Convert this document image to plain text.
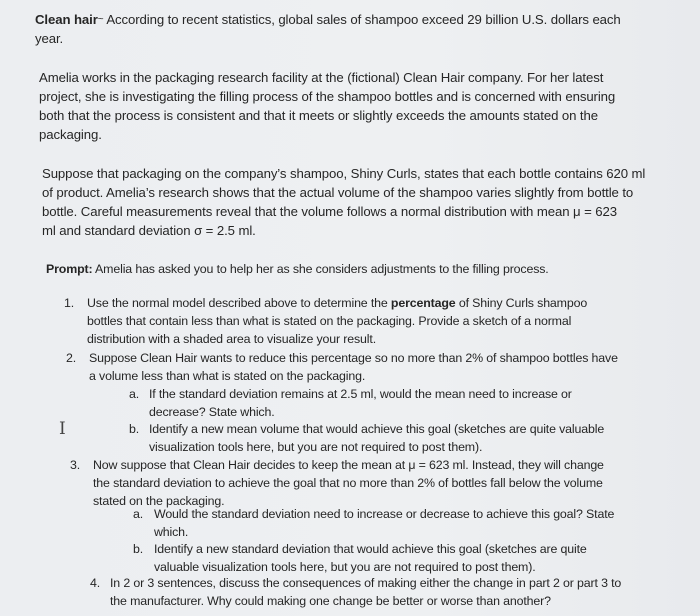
Clean hair~ According to recent statistics, global sales of shampoo exceed 29 billion U.S. dollars each
year.
Amelia works in the packaging research facility at the (fictional) Clean Hair company. For her latest
project, she is investigating the filling process of the shampoo bottles and is concerned with ensuring
both that the process is consistent and that it meets or slightly exceeds the amounts stated on the
packaging.
Suppose that packaging on the company’s shampoo, Shiny Curls, states that each bottle contains 620 ml
of product. Amelia’s research shows that the actual volume of the shampoo varies slightly from bottle to
bottle. Careful measurements reveal that the volume follows a normal distribution with mean μ = 623
ml and standard deviation σ = 2.5 ml.
Prompt: Amelia has asked you to help her as she considers adjustments to the filling process.
1. Use the normal model described above to determine the percentage of Shiny Curls shampoo
bottles that contain less than what is stated on the packaging. Provide a sketch of a normal
distribution with a shaded area to visualize your result.
2. Suppose Clean Hair wants to reduce this percentage so no more than 2% of shampoo bottles have
a volume less than what is stated on the packaging.
a. If the standard deviation remains at 2.5 ml, would the mean need to increase or
decrease? State which.
b. Identify a new mean volume that would achieve this goal (sketches are quite valuable
visualization tools here, but you are not required to post them).
I
3. Now suppose that Clean Hair decides to keep the mean at μ = 623 ml. Instead, they will change
the standard deviation to achieve the goal that no more than 2% of bottles fall below the volume
stated on the packaging.
a. Would the standard deviation need to increase or decrease to achieve this goal? State
which.
b. Identify a new standard deviation that would achieve this goal (sketches are quite
valuable visualization tools here, but you are not required to post them).
4. In 2 or 3 sentences, discuss the consequences of making either the change in part 2 or part 3 to
the manufacturer. Why could making one change be better or worse than another?
